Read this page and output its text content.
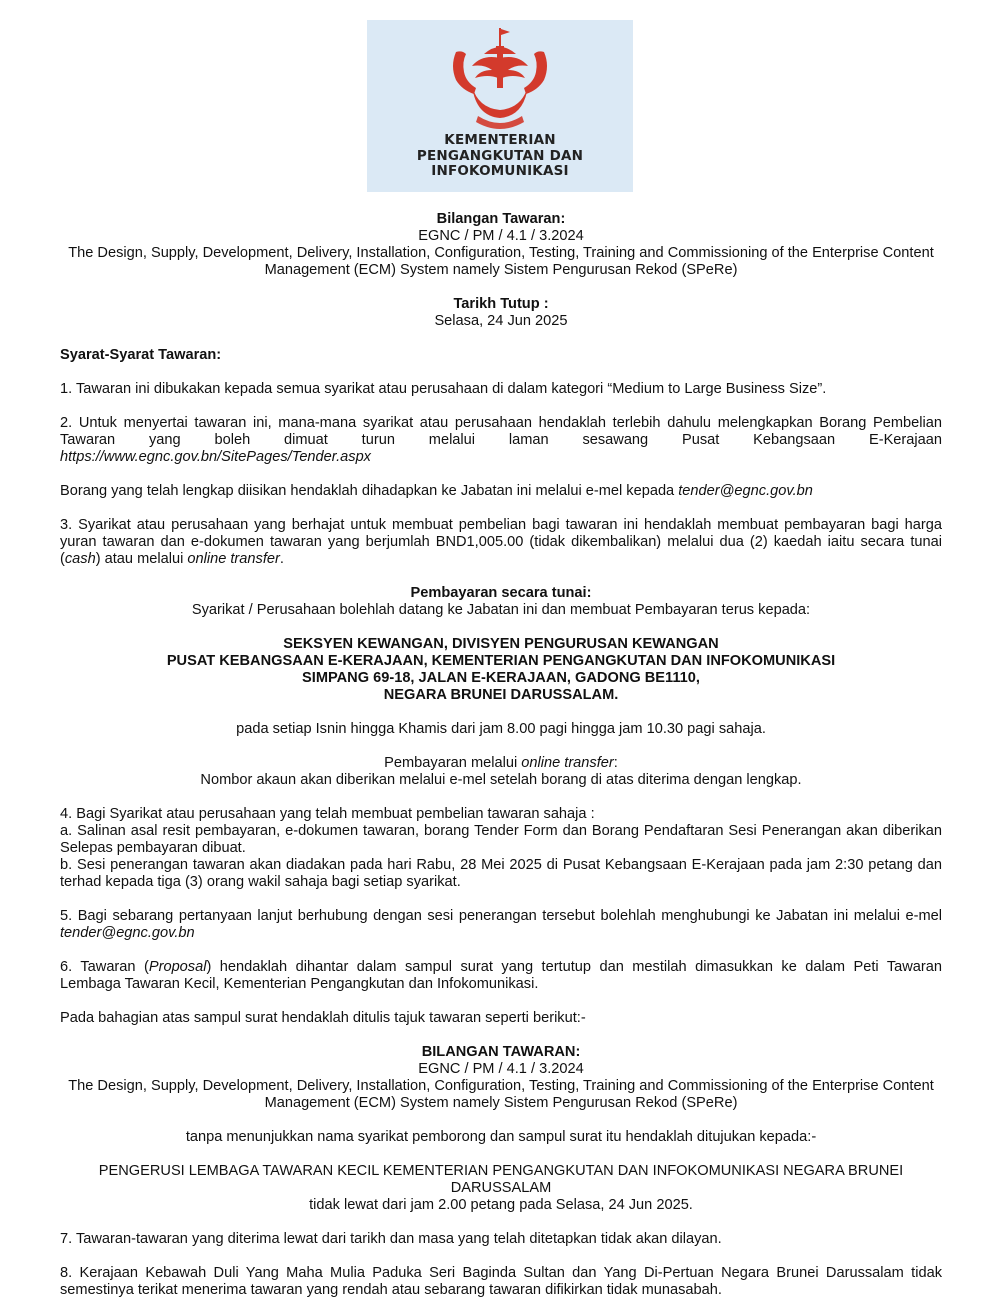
KEMENTERIAN
PENGANGKUTAN DAN
INFOKOMUNIKASI
Bilangan Tawaran:
EGNC / PM / 4.1 / 3.2024
The Design, Supply, Development, Delivery, Installation, Configuration, Testing, Training and Commissioning of the Enterprise Content
Management (ECM) System namely Sistem Pengurusan Rekod (SPeRe)
Tarikh Tutup :
Selasa, 24 Jun 2025
Syarat-Syarat Tawaran:

1. Tawaran ini dibukakan kepada semua syarikat atau perusahaan di dalam kategori “Medium to Large Business Size”.

2. Untuk menyertai tawaran ini, mana-mana syarikat atau perusahaan hendaklah terlebih dahulu melengkapkan Borang Pembelian
Tawaran yang boleh dimuat turun melalui laman sesawang Pusat Kebangsaan E-Kerajaan
https://www.egnc.gov.bn/SitePages/Tender.aspx

Borang yang telah lengkap diisikan hendaklah dihadapkan ke Jabatan ini melalui e-mel kepada tender@egnc.gov.bn

3. Syarikat atau perusahaan yang berhajat untuk membuat pembelian bagi tawaran ini hendaklah membuat pembayaran bagi harga
yuran tawaran dan e-dokumen tawaran yang berjumlah BND1,005.00 (tidak dikembalikan) melalui dua (2) kaedah iaitu secara tunai
(cash) atau melalui online transfer.
Pembayaran secara tunai:
Syarikat / Perusahaan bolehlah datang ke Jabatan ini dan membuat Pembayaran terus kepada:
SEKSYEN KEWANGAN, DIVISYEN PENGURUSAN KEWANGAN
PUSAT KEBANGSAAN E-KERAJAAN, KEMENTERIAN PENGANGKUTAN DAN INFOKOMUNIKASI
SIMPANG 69-18, JALAN E-KERAJAAN, GADONG BE1110,
NEGARA BRUNEI DARUSSALAM.

pada setiap Isnin hingga Khamis dari jam 8.00 pagi hingga jam 10.30 pagi sahaja.

Pembayaran melalui online transfer:
Nombor akaun akan diberikan melalui e-mel setelah borang di atas diterima dengan lengkap.
4. Bagi Syarikat atau perusahaan yang telah membuat pembelian tawaran sahaja :
a. Salinan asal resit pembayaran, e-dokumen tawaran, borang Tender Form dan Borang Pendaftaran Sesi Penerangan akan diberikan
Selepas pembayaran dibuat.
b. Sesi penerangan tawaran akan diadakan pada hari Rabu, 28 Mei 2025 di Pusat Kebangsaan E-Kerajaan pada jam 2:30 petang dan
terhad kepada tiga (3) orang wakil sahaja bagi setiap syarikat.
5. Bagi sebarang pertanyaan lanjut berhubung dengan sesi penerangan tersebut bolehlah menghubungi ke Jabatan ini melalui e-mel
tender@egnc.gov.bn
6. Tawaran (Proposal) hendaklah dihantar dalam sampul surat yang tertutup dan mestilah dimasukkan ke dalam Peti Tawaran
Lembaga Tawaran Kecil, Kementerian Pengangkutan dan Infokomunikasi.

Pada bahagian atas sampul surat hendaklah ditulis tajuk tawaran seperti berikut:-

BILANGAN TAWARAN:
EGNC / PM / 4.1 / 3.2024
The Design, Supply, Development, Delivery, Installation, Configuration, Testing, Training and Commissioning of the Enterprise Content
Management (ECM) System namely Sistem Pengurusan Rekod (SPeRe)

tanpa menunjukkan nama syarikat pemborong dan sampul surat itu hendaklah ditujukan kepada:-

PENGERUSI LEMBAGA TAWARAN KECIL KEMENTERIAN PENGANGKUTAN DAN INFOKOMUNIKASI NEGARA BRUNEI
DARUSSALAM
tidak lewat dari jam 2.00 petang pada Selasa, 24 Jun 2025.

7. Tawaran-tawaran yang diterima lewat dari tarikh dan masa yang telah ditetapkan tidak akan dilayan.

8. Kerajaan Kebawah Duli Yang Maha Mulia Paduka Seri Baginda Sultan dan Yang Di-Pertuan Negara Brunei Darussalam tidak
semestinya terikat menerima tawaran yang rendah atau sebarang tawaran difikirkan tidak munasabah.
